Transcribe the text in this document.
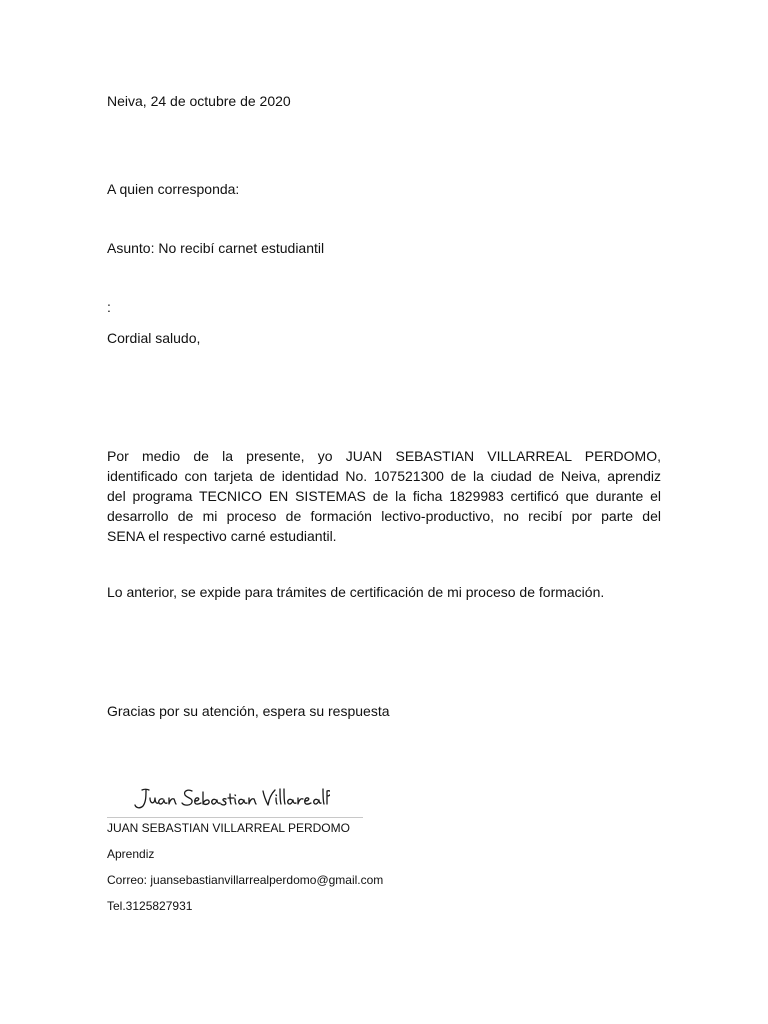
Neiva, 24 de octubre de 2020
A quien corresponda:
Asunto: No recibí carnet estudiantil
:
Cordial saludo,
Por medio de la presente, yo JUAN SEBASTIAN VILLARREAL PERDOMO,
identificado con tarjeta de identidad No. 107521300 de la ciudad de Neiva, aprendiz
del programa TECNICO EN SISTEMAS de la ficha 1829983 certificó que durante el
desarrollo de mi proceso de formación lectivo-productivo, no recibí por parte del
SENA el respectivo carné estudiantil.
Lo anterior, se expide para trámites de certificación de mi proceso de formación.
Gracias por su atención, espera su respuesta
JUAN SEBASTIAN VILLARREAL PERDOMO
Aprendiz
Correo: juansebastianvillarrealperdomo@gmail.com
Tel.3125827931
